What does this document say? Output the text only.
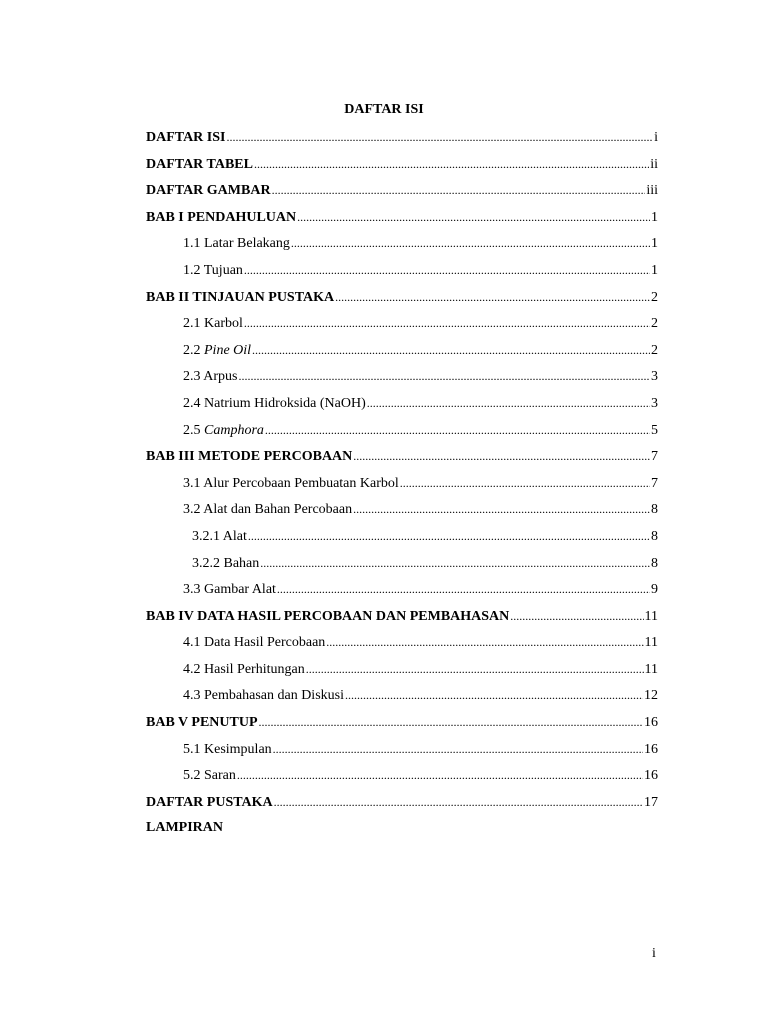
DAFTAR ISI
DAFTAR ISI .....	i
DAFTAR TABEL .....	ii
DAFTAR GAMBAR .....	iii
BAB I PENDAHULUAN .....	1
1.1 Latar Belakang .....	1
1.2 Tujuan .....	1
BAB II TINJAUAN PUSTAKA .....	2
2.1 Karbol .....	2
2.2 Pine Oil .....	2
2.3 Arpus .....	3
2.4 Natrium Hidroksida (NaOH) .....	3
2.5 Camphora .....	5
BAB III METODE PERCOBAAN .....	7
3.1 Alur Percobaan Pembuatan Karbol .....	7
3.2 Alat dan Bahan Percobaan .....	8
3.2.1 Alat .....	8
3.2.2 Bahan .....	8
3.3 Gambar Alat .....	9
BAB IV DATA HASIL PERCOBAAN DAN PEMBAHASAN .....	11
4.1 Data Hasil Percobaan .....	11
4.2 Hasil Perhitungan .....	11
4.3 Pembahasan dan Diskusi .....	12
BAB V PENUTUP .....	16
5.1 Kesimpulan .....	16
5.2 Saran .....	16
DAFTAR PUSTAKA .....	17
LAMPIRAN
i
